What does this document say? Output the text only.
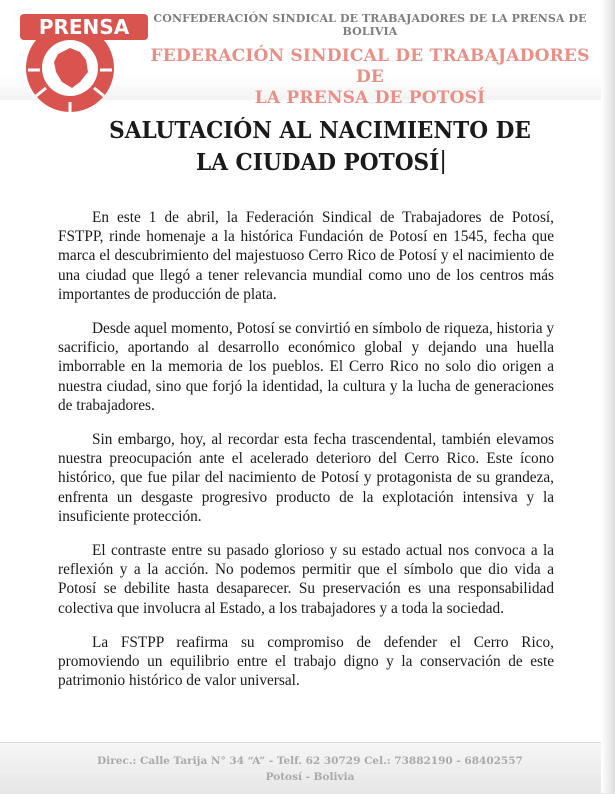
PRENSA	CONFEDERACIÓN SINDICAL DE TRABAJADORES DE LA PRENSA DE BOLIVIA
FEDERACIÓN SINDICAL DE TRABAJADORES DE
LA PRENSA DE POTOSÍ
SALUTACIÓN AL NACIMIENTO DE
LA CIUDAD POTOSÍ

En este 1 de abril, la Federación Sindical de Trabajadores de Potosí, FSTPP, rinde homenaje a la histórica Fundación de Potosí en 1545, fecha que marca el descubrimiento del majestuoso Cerro Rico de Potosí y el nacimiento de una ciudad que llegó a tener relevancia mundial como uno de los centros más importantes de producción de plata.

Desde aquel momento, Potosí se convirtió en símbolo de riqueza, historia y sacrificio, aportando al desarrollo económico global y dejando una huella imborrable en la memoria de los pueblos. El Cerro Rico no solo dio origen a nuestra ciudad, sino que forjó la identidad, la cultura y la lucha de generaciones de trabajadores.

Sin embargo, hoy, al recordar esta fecha trascendental, también elevamos nuestra preocupación ante el acelerado deterioro del Cerro Rico. Este ícono histórico, que fue pilar del nacimiento de Potosí y protagonista de su grandeza, enfrenta un desgaste progresivo producto de la explotación intensiva y la insuficiente protección.

El contraste entre su pasado glorioso y su estado actual nos convoca a la reflexión y a la acción. No podemos permitir que el símbolo que dio vida a Potosí se debilite hasta desaparecer. Su preservación es una responsabilidad colectiva que involucra al Estado, a los trabajadores y a toda la sociedad.

La FSTPP reafirma su compromiso de defender el Cerro Rico, promoviendo un equilibrio entre el trabajo digno y la conservación de este patrimonio histórico de valor universal.

Direc.: Calle Tarija N° 34 “A” - Telf. 62 30729 Cel.: 73882190 - 68402557
Potosí - Bolivia
